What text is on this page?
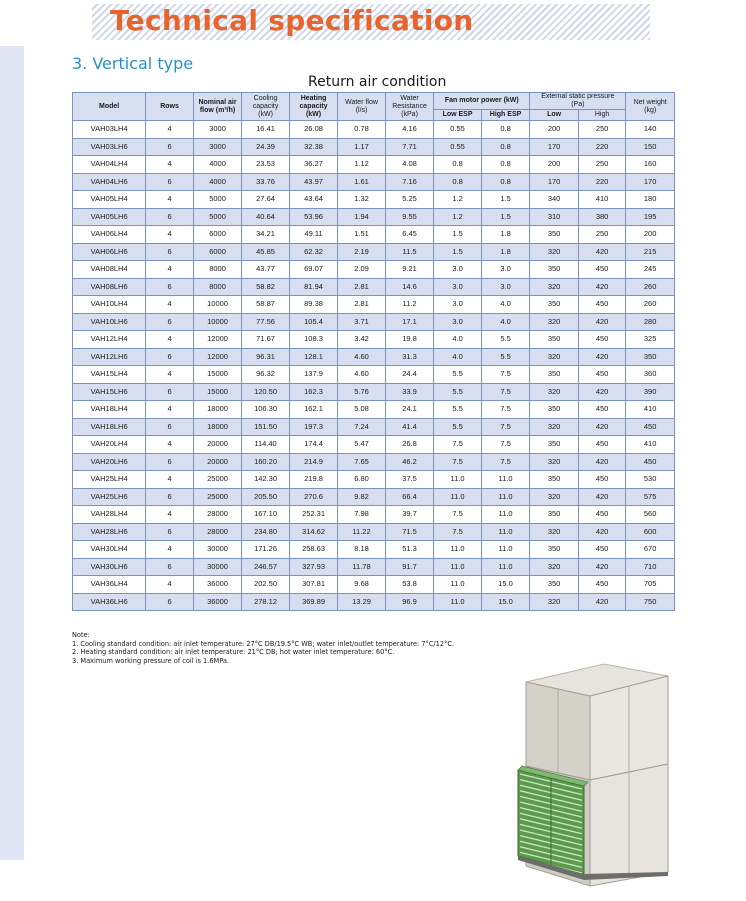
Technical specification
3. Vertical type
Return air condition
Model	Rows	Nominal air
flow (m³/h)	Cooling
capacity
(kW)	Heating
capacity
(kW)	Water flow
(l/s)	Water
Resistance
(kPa)	Fan motor power (kW)		External static pressure
(Pa)		Net weight
(kg)
							Low ESP	High ESP	Low	High	
VAH03LH4	4	3000	16.41	26.08	0.78	4.16	0.55	0.8	200	250	140
VAH03LH6	6	3000	24.39	32.38	1.17	7.71	0.55	0.8	170	220	150
VAH04LH4	4	4000	23.53	36.27	1.12	4.08	0.8	0.8	200	250	160
VAH04LH6	6	4000	33.76	43.97	1.61	7.16	0.8	0.8	170	220	170
VAH05LH4	4	5000	27.64	43.64	1.32	5.25	1.2	1.5	340	410	180
VAH05LH6	6	5000	40.64	53.96	1.94	9.55	1.2	1.5	310	380	195
VAH06LH4	4	6000	34.21	49.11	1.51	6.45	1.5	1.8	350	250	200
VAH06LH6	6	6000	45.85	62.32	2.19	11.5	1.5	1.8	320	420	215
VAH08LH4	4	8000	43.77	69.07	2.09	9.21	3.0	3.0	350	450	245
VAH08LH6	6	8000	58.82	81.94	2.81	14.6	3.0	3.0	320	420	260
VAH10LH4	4	10000	58.87	89.38	2.81	11.2	3.0	4.0	350	450	260
VAH10LH6	6	10000	77.56	105.4	3.71	17.1	3.0	4.0	320	420	280
VAH12LH4	4	12000	71.67	108.3	3.42	19.8	4.0	5.5	350	450	325
VAH12LH6	6	12000	96.31	128.1	4.60	31.3	4.0	5.5	320	420	350
VAH15LH4	4	15000	96.32	137.9	4.60	24.4	5.5	7.5	350	450	360
VAH15LH6	6	15000	120.50	162.3	5.76	33.9	5.5	7.5	320	420	390
VAH18LH4	4	18000	106.30	162.1	5.08	24.1	5.5	7.5	350	450	410
VAH18LH6	6	18000	151.50	197.3	7.24	41.4	5.5	7.5	320	420	450
VAH20LH4	4	20000	114.40	174.4	5.47	26.8	7.5	7.5	350	450	410
VAH20LH6	6	20000	160.20	214.9	7.65	46.2	7.5	7.5	320	420	450
VAH25LH4	4	25000	142.30	219.8	6.80	37.5	11.0	11.0	350	450	530
VAH25LH6	6	25000	205.50	270.6	9.82	66.4	11.0	11.0	320	420	575
VAH28LH4	4	28000	167.10	252.31	7.98	39.7	7.5	11.0	350	450	560
VAH28LH6	6	28000	234.80	314.62	11.22	71.5	7.5	11.0	320	420	600
VAH30LH4	4	30000	171.26	258.63	8.18	51.3	11.0	11.0	350	450	670
VAH30LH6	6	30000	246.57	327.93	11.78	91.7	11.0	11.0	320	420	710
VAH36LH4	4	36000	202.50	307.81	9.68	53.8	11.0	15.0	350	450	705
VAH36LH6	6	36000	278.12	369.89	13.29	96.9	11.0	15.0	320	420	750
Note:
1. Cooling standard condition: air inlet temperature: 27°C DB/19.5°C WB; water inlet/outlet temperature: 7°C/12°C.
2. Heating standard condition: air inlet temperature: 21°C DB; hot water inlet temperature: 60°C.
3. Maximum working pressure of coil is 1.6MPa.
